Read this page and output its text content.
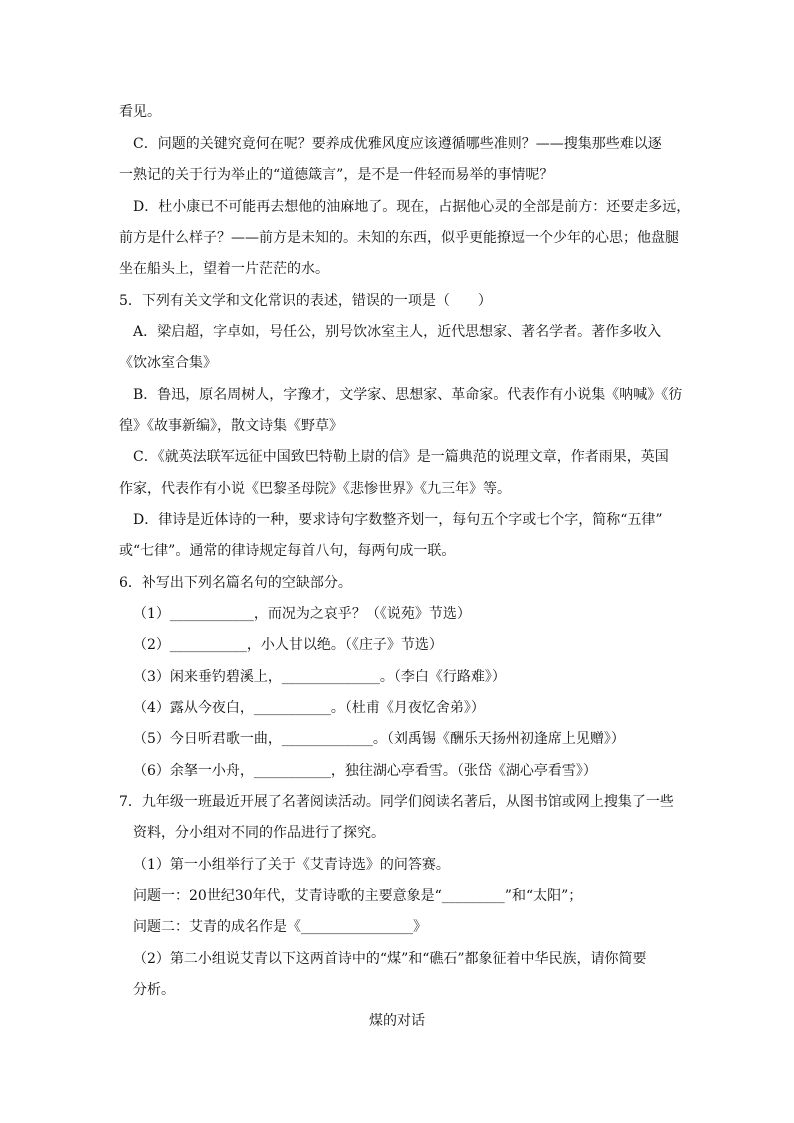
看见。
C．问题的关键究竟何在呢？要养成优雅风度应该遵循哪些准则？——搜集那些难以逐
一熟记的关于行为举止的“道德箴言”，是不是一件轻而易举的事情呢？
D．杜小康已不可能再去想他的油麻地了。现在，占据他心灵的全部是前方：还要走多远，
前方是什么样子？——前方是未知的。未知的东西，似乎更能撩逗一个少年的心思；他盘腿
坐在船头上，望着一片茫茫的水。
5．下列有关文学和文化常识的表述，错误的一项是（　　）
A．梁启超，字卓如，号任公，别号饮冰室主人，近代思想家、著名学者。著作多收入
《饮冰室合集》
B．鲁迅，原名周树人，字豫才，文学家、思想家、革命家。代表作有小说集《呐喊》《彷
徨》《故事新编》，散文诗集《野草》
C．《就英法联军远征中国致巴特勒上尉的信》是一篇典范的说理文章，作者雨果，英国
作家，代表作有小说《巴黎圣母院》《悲惨世界》《九三年》等。
D．律诗是近体诗的一种，要求诗句字数整齐划一，每句五个字或七个字，简称“五律”
或“七律”。通常的律诗规定每首八句，每两句成一联。
6．补写出下列名篇名句的空缺部分。
（1）____________，而况为之哀乎？（《说苑》节选）
（2）___________，小人甘以绝。（《庄子》节选）
（3）闲来垂钓碧溪上，______________。（李白《行路难》）
（4）露从今夜白，___________。（杜甫《月夜忆舍弟》）
（5）今日听君歌一曲，_____________。（刘禹锡《酬乐天扬州初逢席上见赠》）
（6）余拏一小舟，___________，独往湖心亭看雪。（张岱《湖心亭看雪》）
7．九年级一班最近开展了名著阅读活动。同学们阅读名著后，从图书馆或网上搜集了一些
资料，分小组对不同的作品进行了探究。
（1）第一小组举行了关于《艾青诗选》的问答赛。
问题一：20世纪30年代，艾青诗歌的主要意象是“_________”和“太阳”；
问题二：艾青的成名作是《________________》
（2）第二小组说艾青以下这两首诗中的“煤”和“礁石”都象征着中华民族，请你简要
分析。
煤的对话
